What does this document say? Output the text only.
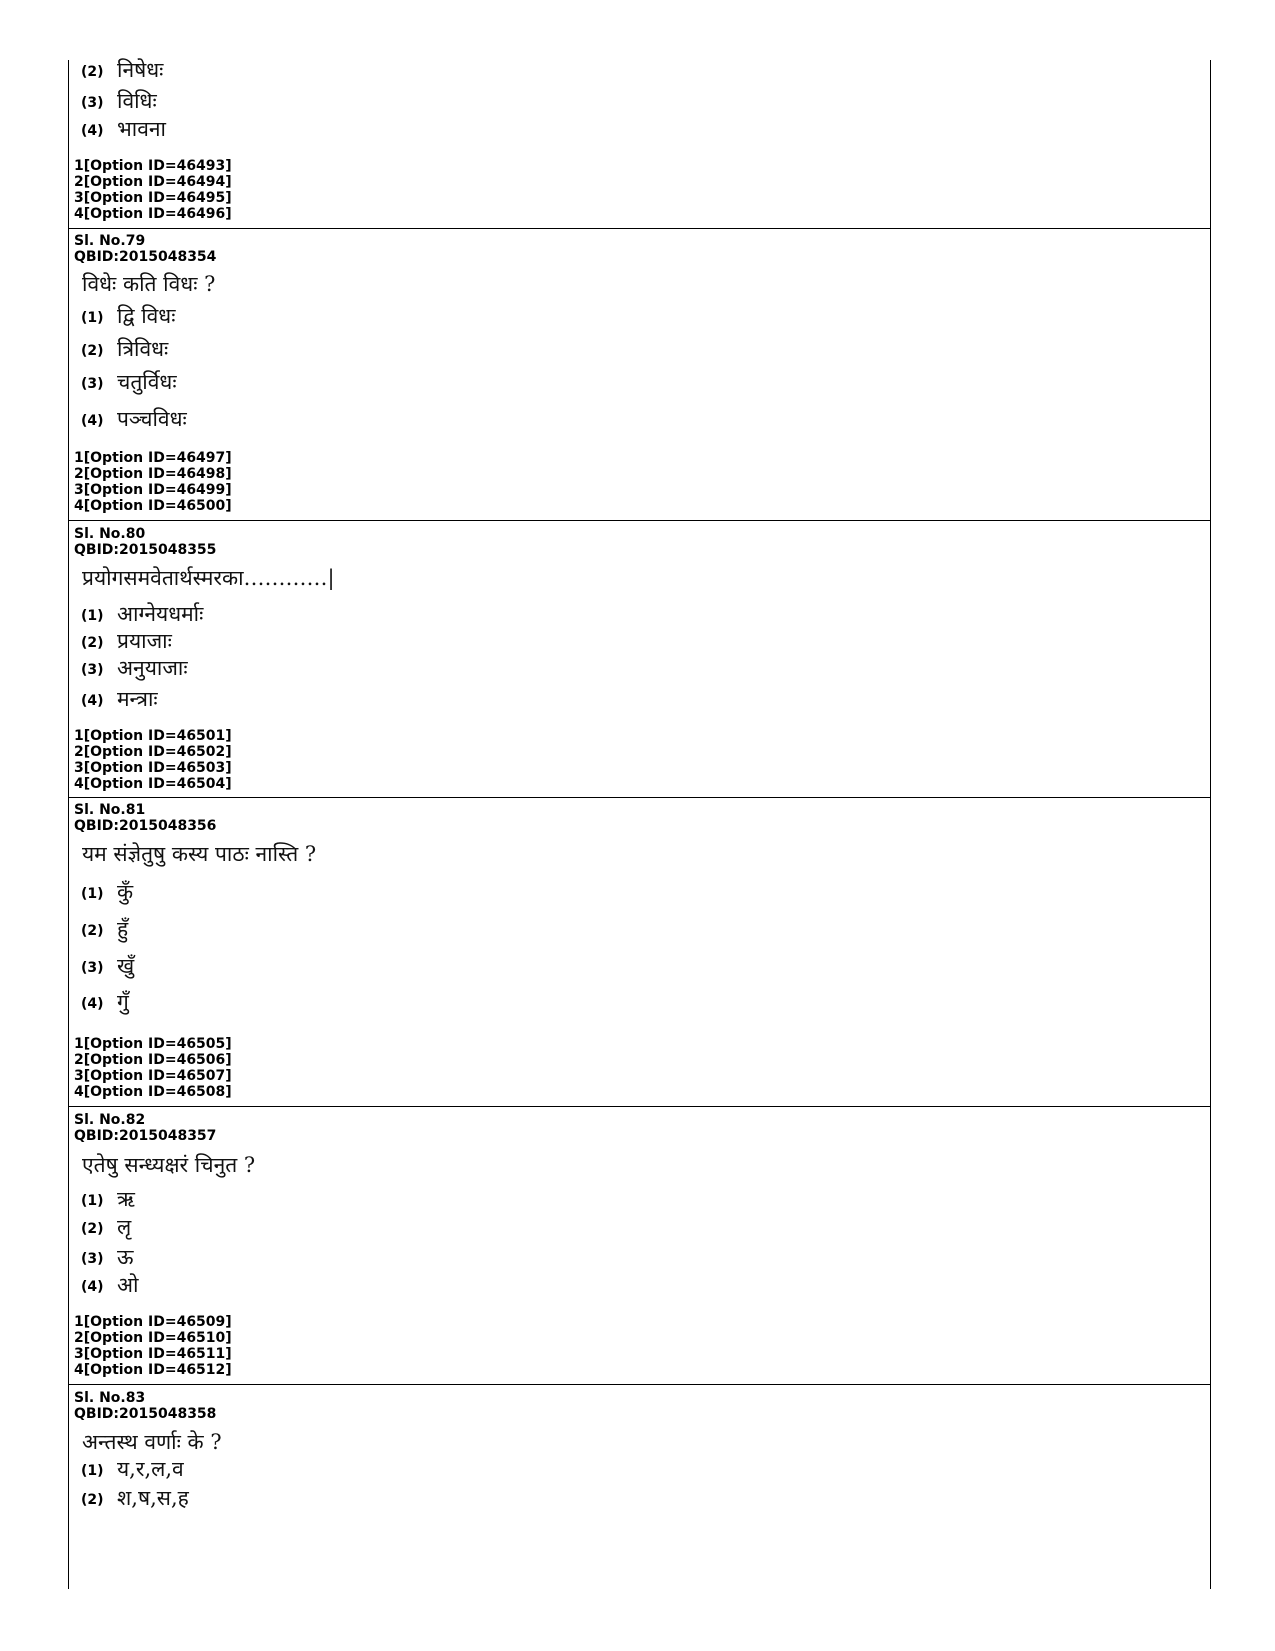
(2) निषेधः
(3) विधिः
(4) भावना
1[Option ID=46493]
2[Option ID=46494]
3[Option ID=46495]
4[Option ID=46496]
Sl. No.79
QBID:2015048354
विधेः कति विधः ?
(1) द्वि विधः
(2) त्रिविधः
(3) चतुर्विधः
(4) पञ्चविधः
1[Option ID=46497]
2[Option ID=46498]
3[Option ID=46499]
4[Option ID=46500]
Sl. No.80
QBID:2015048355
प्रयोगसमवेतार्थस्मरका…………|
(1) आग्नेयधर्माः
(2) प्रयाजाः
(3) अनुयाजाः
(4) मन्त्राः
1[Option ID=46501]
2[Option ID=46502]
3[Option ID=46503]
4[Option ID=46504]
Sl. No.81
QBID:2015048356
यम संज्ञेतुषु कस्य पाठः नास्ति ?
(1) कुँ
(2) हुँ
(3) खुँ
(4) गुँ
1[Option ID=46505]
2[Option ID=46506]
3[Option ID=46507]
4[Option ID=46508]
Sl. No.82
QBID:2015048357
एतेषु सन्ध्यक्षरं चिनुत ?
(1) ऋ
(2) लृ
(3) ऊ
(4) ओ
1[Option ID=46509]
2[Option ID=46510]
3[Option ID=46511]
4[Option ID=46512]
Sl. No.83
QBID:2015048358
अन्तस्थ वर्णाः के ?
(1) य,र,ल,व
(2) श,ष,स,ह
